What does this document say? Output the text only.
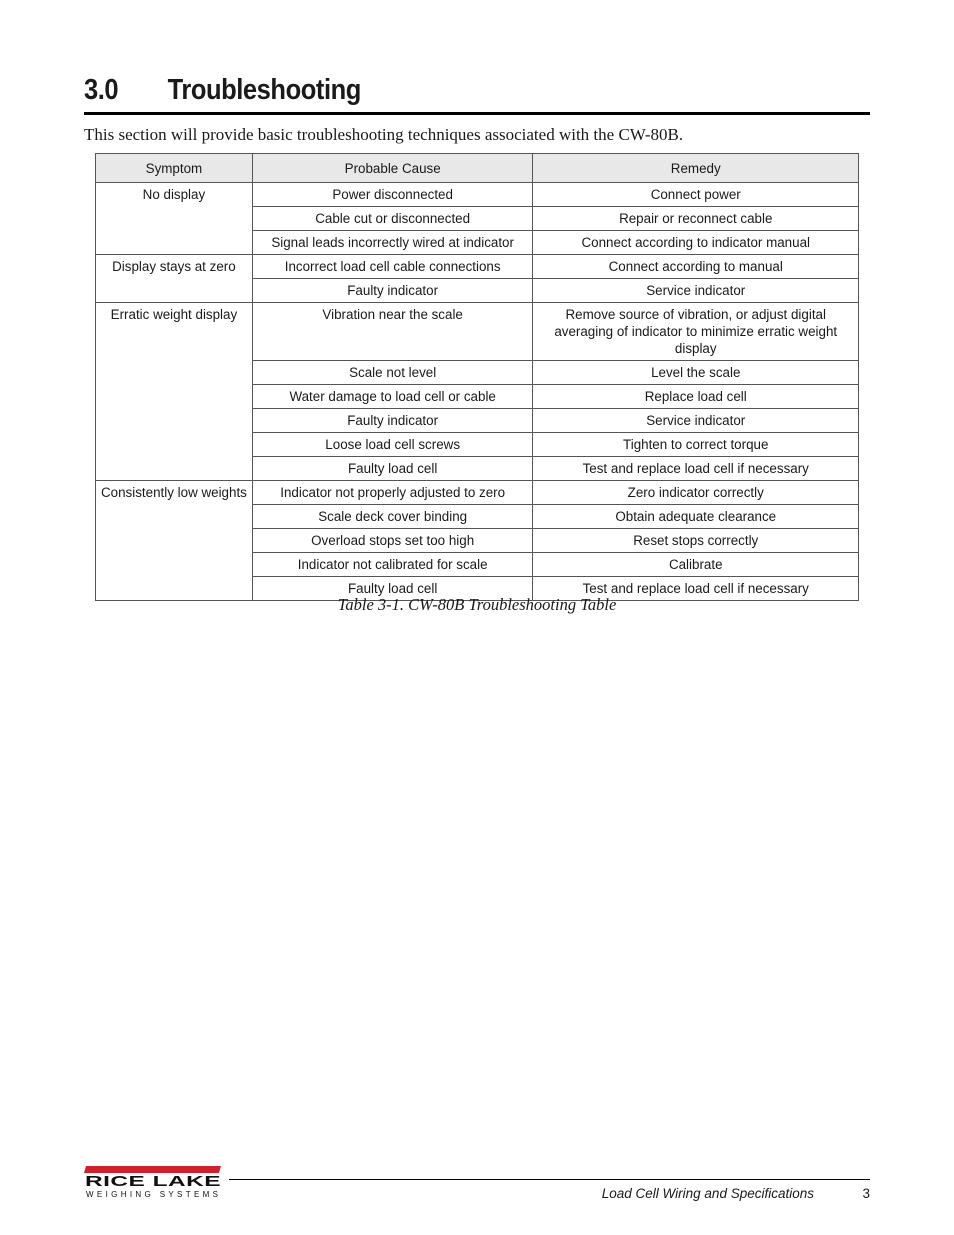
3.0	Troubleshooting

This section will provide basic troubleshooting techniques associated with the CW-80B.

Symptom	Probable Cause	Remedy
No display	Power disconnected	Connect power
	Cable cut or disconnected	Repair or reconnect cable
	Signal leads incorrectly wired at indicator	Connect according to indicator manual
Display stays at zero	Incorrect load cell cable connections	Connect according to manual
	Faulty indicator	Service indicator
Erratic weight display	Vibration near the scale	Remove source of vibration, or adjust digital averaging of indicator to minimize erratic weight display
	Scale not level	Level the scale
	Water damage to load cell or cable	Replace load cell
	Faulty indicator	Service indicator
	Loose load cell screws	Tighten to correct torque
	Faulty load cell	Test and replace load cell if necessary
Consistently low weights	Indicator not properly adjusted to zero	Zero indicator correctly
	Scale deck cover binding	Obtain adequate clearance
	Overload stops set too high	Reset stops correctly
	Indicator not calibrated for scale	Calibrate
	Faulty load cell	Test and replace load cell if necessary
Table 3-1. CW-80B Troubleshooting Table
RICE LAKE
WEIGHING SYSTEMS	Load Cell Wiring and Specifications	3
